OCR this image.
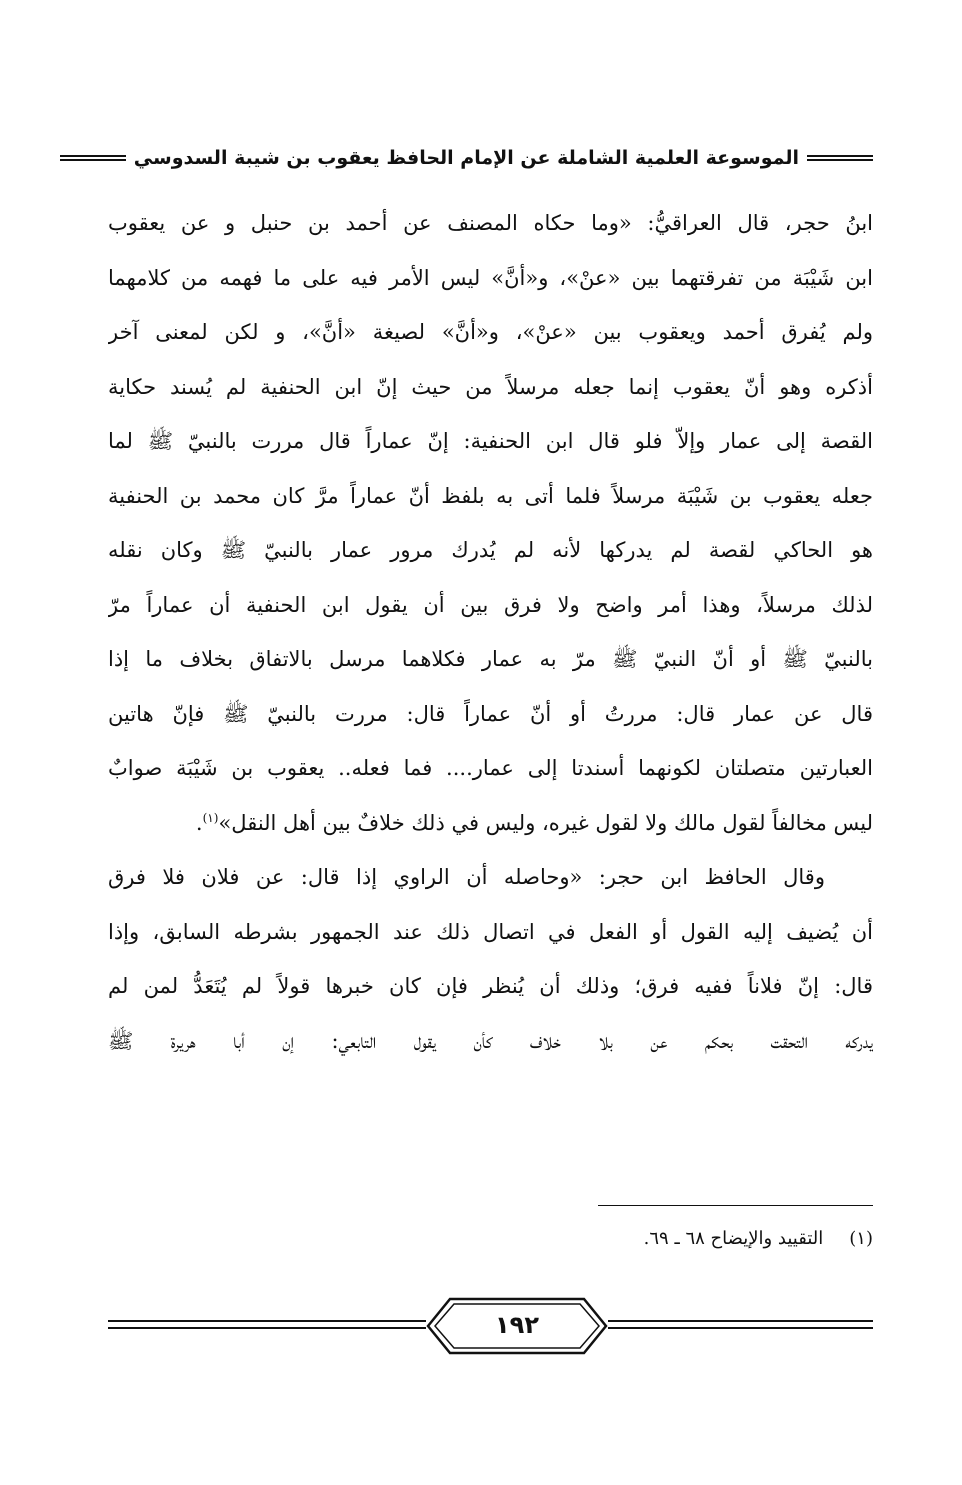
الموسوعة العلمية الشاملة عن الإمام الحافظ يعقوب بن شيبة السدوسي
ابنُ حجر، قال العراقيُّ: «وما حكاه المصنف عن أحمد بن حنبل و عن يعقوب
ابن شَيْبَة من تفرقتهما بين «عنْ»، و«أنَّ» ليس الأمر فيه على ما فهمه من كلامهما
ولم يُفرق أحمد ويعقوب بين «عنْ»، و«أنَّ» لصيغة «أنَّ»، و لكن لمعنى آخر
أذكره وهو أنّ يعقوب إنما جعله مرسلاً من حيث إنّ ابن الحنفية لم يُسند حكاية
القصة إلى عمار وإلاّ فلو قال ابن الحنفية: إنّ عماراً قال مررت بالنبيّ ﷺ لما
جعله يعقوب بن شَيْبَة مرسلاً فلما أتى به بلفظ أنّ عماراً مرَّ كان محمد بن الحنفية
هو الحاكي لقصة لم يدركها لأنه لم يُدرك مرور عمار بالنبيّ ﷺ وكان نقله
لذلك مرسلاً، وهذا أمر واضح ولا فرق بين أن يقول ابن الحنفية أن عماراً مرّ
بالنبيّ ﷺ أو أنّ النبيّ ﷺ مرّ به عمار فكلاهما مرسل بالاتفاق بخلاف ما إذا
قال عن عمار قال: مررتُ أو أنّ عماراً قال: مررت بالنبيّ ﷺ فإنّ هاتين
العبارتين متصلتان لكونهما أسندتا إلى عمار.... فما فعله.. يعقوب بن شَيْبَة صوابٌ
ليس مخالفاً لقول مالك ولا لقول غيره، وليس في ذلك خلافٌ بين أهل النقل»$^{(١)}$.
وقال الحافظ ابن حجر: «وحاصله أن الراوي إذا قال: عن فلان فلا فرق
أن يُضيف إليه القول أو الفعل في اتصال ذلك عند الجمهور بشرطه السابق، وإذا
قال: إنّ فلاناً ففيه فرق؛ وذلك أن يُنظر فإن كان خبرها قولاً لم يُتَعَدُّ لمن لم
يدركه التحقت بحكم عن بلا خلاف كأن يقول التابعي: إن أبا هريرة ﷺ
(١)
التقييد والإيضاح ٦٨ ـ ٦٩.
١٩٢
